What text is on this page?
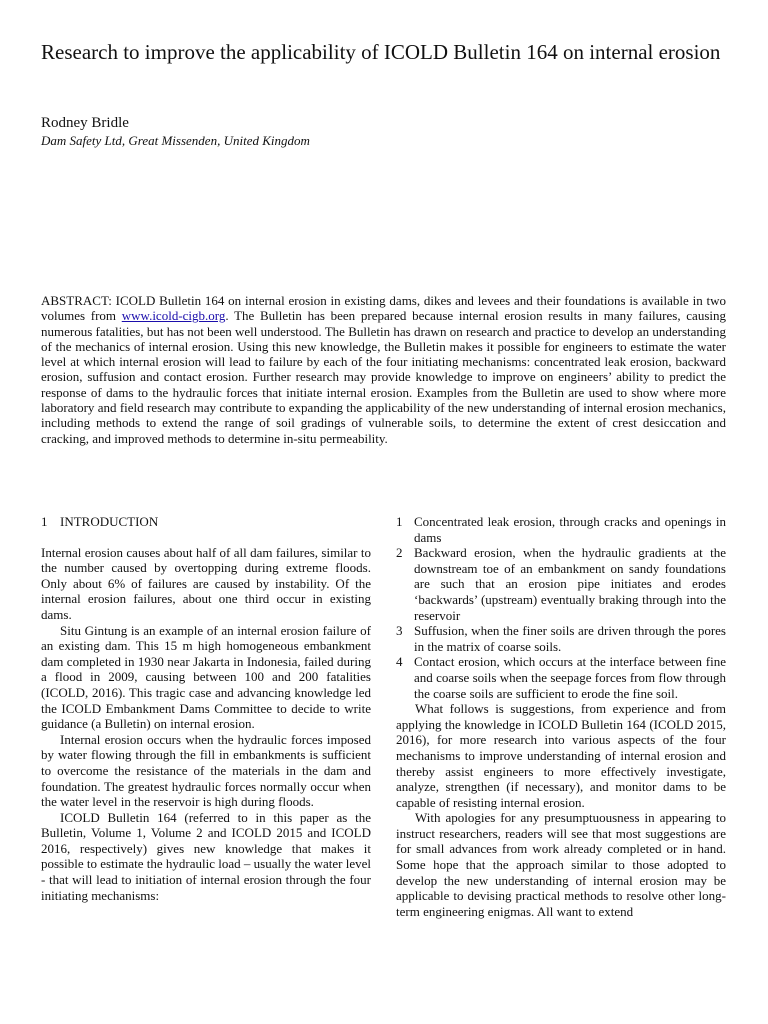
Research to improve the applicability of ICOLD Bulletin 164 on internal erosion
Rodney Bridle
Dam Safety Ltd, Great Missenden, United Kingdom

ABSTRACT: ICOLD Bulletin 164 on internal erosion in existing dams, dikes and levees and their foundations is available in two volumes from www.icold-cigb.org. The Bulletin has been prepared because internal erosion results in many failures, causing numerous fatalities, but has not been well understood. The Bulletin has drawn on research and practice to develop an understanding of the mechanics of internal erosion. Using this new knowledge, the Bulletin makes it possible for engineers to estimate the water level at which internal erosion will lead to failure by each of the four initiating mechanisms: concentrated leak erosion, backward erosion, suffusion and contact erosion. Further research may provide knowledge to improve on engineers’ ability to predict the response of dams to the hydraulic forces that initiate internal erosion. Examples from the Bulletin are used to show where more laboratory and field research may contribute to expanding the applicability of the new understanding of internal erosion mechanics, including methods to extend the range of soil gradings of vulnerable soils, to determine the extent of crest desiccation and cracking, and improved methods to determine in-situ permeability.

1 INTRODUCTION

Internal erosion causes about half of all dam failures, similar to the number caused by overtopping during extreme floods. Only about 6% of failures are caused by instability. Of the internal erosion failures, about one third occur in existing dams.

Situ Gintung is an example of an internal erosion failure of an existing dam. This 15 m high homogeneous embankment dam completed in 1930 near Jakarta in Indonesia, failed during a flood in 2009, causing between 100 and 200 fatalities (ICOLD, 2016). This tragic case and advancing knowledge led the ICOLD Embankment Dams Committee to decide to write guidance (a Bulletin) on internal erosion.

Internal erosion occurs when the hydraulic forces imposed by water flowing through the fill in embankments is sufficient to overcome the resistance of the materials in the dam and foundation. The greatest hydraulic forces normally occur when the water level in the reservoir is high during floods.

ICOLD Bulletin 164 (referred to in this paper as the Bulletin, Volume 1, Volume 2 and ICOLD 2015 and ICOLD 2016, respectively) gives new knowledge that makes it possible to estimate the hydraulic load – usually the water level - that will lead to initiation of internal erosion through the four initiating mechanisms:

1 Concentrated leak erosion, through cracks and openings in dams
2 Backward erosion, when the hydraulic gradients at the downstream toe of an embankment on sandy foundations are such that an erosion pipe initiates and erodes ‘backwards’ (upstream) eventually braking through into the reservoir
3 Suffusion, when the finer soils are driven through the pores in the matrix of coarse soils.
4 Contact erosion, which occurs at the interface between fine and coarse soils when the seepage forces from flow through the coarse soils are sufficient to erode the fine soil.

What follows is suggestions, from experience and from applying the knowledge in ICOLD Bulletin 164 (ICOLD 2015, 2016), for more research into various aspects of the four mechanisms to improve understanding of internal erosion and thereby assist engineers to more effectively investigate, analyze, strengthen (if necessary), and monitor dams to be capable of resisting internal erosion.

With apologies for any presumptuousness in appearing to instruct researchers, readers will see that most suggestions are for small advances from work already completed or in hand. Some hope that the approach similar to those adopted to develop the new understanding of internal erosion may be applicable to devising practical methods to resolve other long-term engineering enigmas. All want to extend
